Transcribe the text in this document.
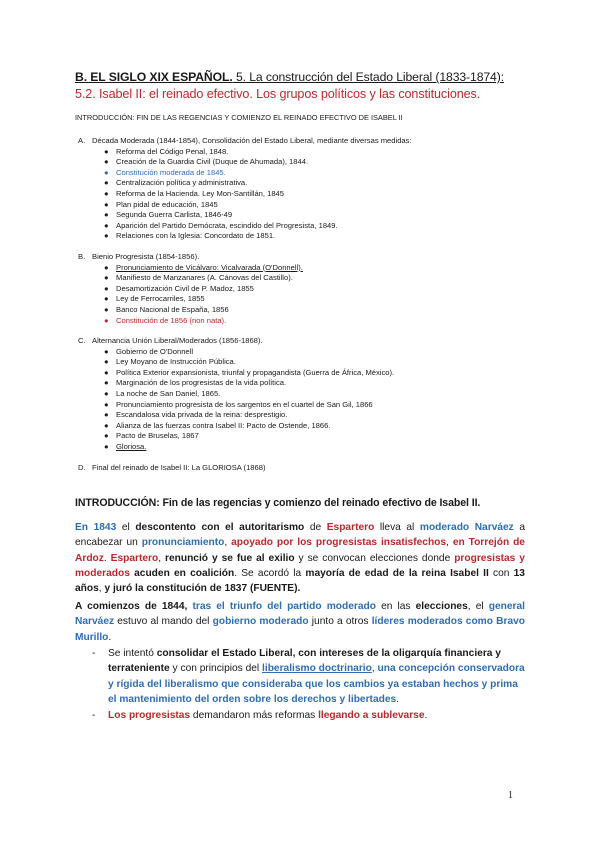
B. EL SIGLO XIX ESPAÑOL. 5. La construcción del Estado Liberal (1833-1874):
5.2. Isabel II: el reinado efectivo. Los grupos políticos y las constituciones.
INTRODUCCIÓN: FIN DE LAS REGENCIAS Y COMIENZO EL REINADO EFECTIVO DE ISABEL II
A. Década Moderada (1844-1854), Consolidación del Estado Liberal, mediante diversas medidas:
● Reforma del Código Penal, 1848.
● Creación de la Guardia Civil (Duque de Ahumada), 1844.
● Constitución moderada de 1845.
● Centralización política y administrativa.
● Reforma de la Hacienda. Ley Mon-Santillán, 1845
● Plan pidal de educación, 1845
● Segunda Guerra Carlista, 1846-49
● Aparición del Partido Demócrata, escindido del Progresista, 1849.
● Relaciones con la Iglesia: Concordato de 1851.
B. Bienio Progresista (1854-1856).
● Pronunciamiento de Vicálvaro: Vicalvarada (O'Donnell).
● Manifiesto de Manzanares (A. Cánovas del Castillo).
● Desamortización Civil de P. Madoz, 1855
● Ley de Ferrocarriles, 1855
● Banco Nacional de España, 1856
● Constitución de 1856 (non nata).
C. Alternancia Unión Liberal/Moderados (1856-1868).
● Gobierno de O'Donnell
● Ley Moyano de Instrucción Pública.
● Política Exterior expansionista, triunfal y propagandista (Guerra de África, México).
● Marginación de los progresistas de la vida política.
● La noche de San Daniel, 1865.
● Pronunciamiento progresista de los sargentos en el cuartel de San Gil, 1866
● Escandalosa vida privada de la reina: desprestigio.
● Alianza de las fuerzas contra Isabel II: Pacto de Ostende, 1866.
● Pacto de Bruselas, 1867
● Gloriosa.
D. Final del reinado de Isabel II: La GLORIOSA (1868)
INTRODUCCIÓN: Fin de las regencias y comienzo del reinado efectivo de Isabel II.
En 1843 el descontento con el autoritarismo de Espartero lleva al moderado Narváez a encabezar un pronunciamiento, apoyado por los progresistas insatisfechos, en Torrejón de Ardoz. Espartero, renunció y se fue al exilio y se convocan elecciones donde progresistas y moderados acuden en coalición. Se acordó la mayoría de edad de la reina Isabel II con 13 años, y juró la constitución de 1837 (FUENTE).
A comienzos de 1844, tras el triunfo del partido moderado en las elecciones, el general Narváez estuvo al mando del gobierno moderado junto a otros líderes moderados como Bravo Murillo.
- Se intentó consolidar el Estado Liberal, con intereses de la oligarquía financiera y terrateniente y con principios del liberalismo doctrinario, una concepción conservadora y rígida del liberalismo que consideraba que los cambios ya estaban hechos y prima el mantenimiento del orden sobre los derechos y libertades.
- Los progresistas demandaron más reformas llegando a sublevarse.
1
